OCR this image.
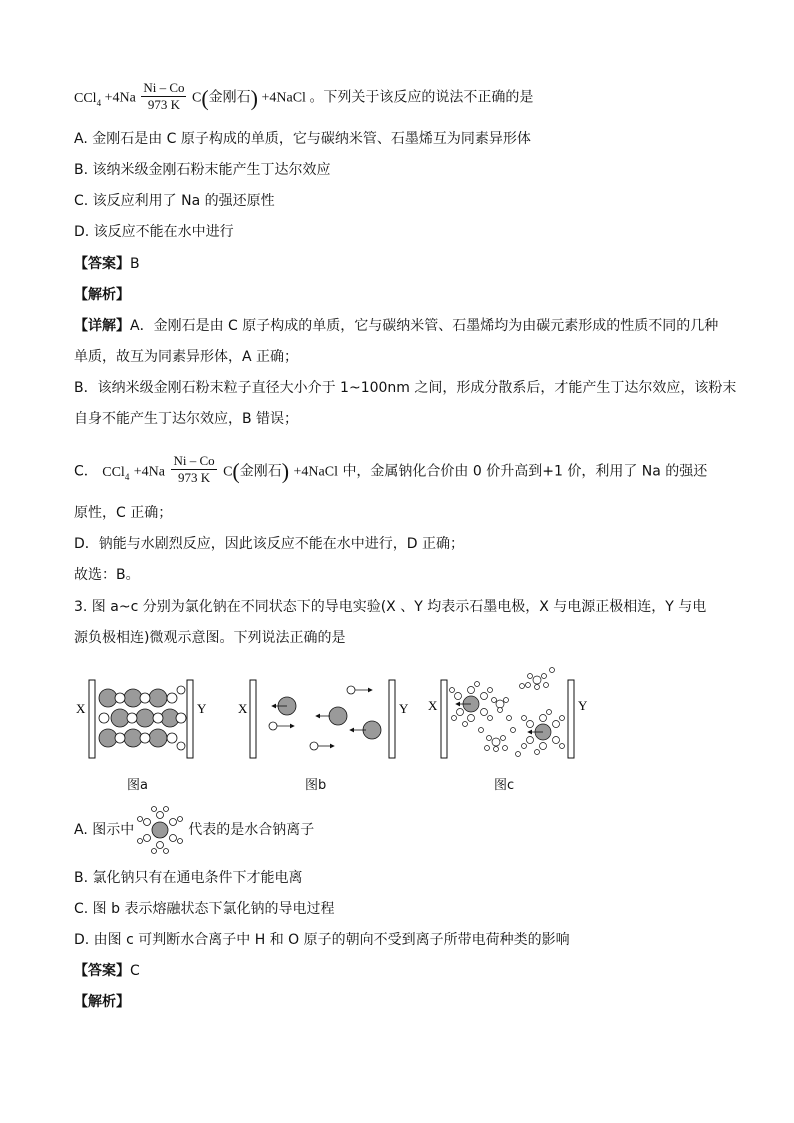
$CCl_4 +4Na \frac{Ni - Co}{973 K} C$(金刚石) +4NaCl 。下列关于该反应的说法不正确的是
A. 金刚石是由 C 原子构成的单质，它与碳纳米管、石墨烯互为同素异形体
B. 该纳米级金刚石粉末能产生丁达尔效应
C. 该反应利用了 Na 的强还原性
D. 该反应不能在水中进行
【答案】B
【解析】
【详解】A．金刚石是由 C 原子构成的单质，它与碳纳米管、石墨烯均为由碳元素形成的性质不同的几种
单质，故互为同素异形体，A 正确；
B．该纳米级金刚石粉末粒子直径大小介于 1~100nm 之间，形成分散系后，才能产生丁达尔效应，该粉末
自身不能产生丁达尔效应，B 错误；
C． $CCl_4 +4Na \frac{Ni - Co}{973 K} C$(金刚石) +4NaCl 中，金属钠化合价由 0 价升高到+1 价，利用了 Na 的强还
原性，C 正确；
D．钠能与水剧烈反应，因此该反应不能在水中进行，D 正确；
故选：B。
3. 图 a~c 分别为氯化钠在不同状态下的导电实验(X 、Y 均表示石墨电极，X 与电源正极相连，Y 与电
源负极相连)微观示意图。下列说法正确的是
X	Y X	Y X	Y
图a	图b	图c
A. 图示中	代表的是水合钠离子
B. 氯化钠只有在通电条件下才能电离
C. 图 b 表示熔融状态下氯化钠的导电过程
D. 由图 c 可判断水合离子中 H 和 O 原子的朝向不受到离子所带电荷种类的影响
【答案】C
【解析】
